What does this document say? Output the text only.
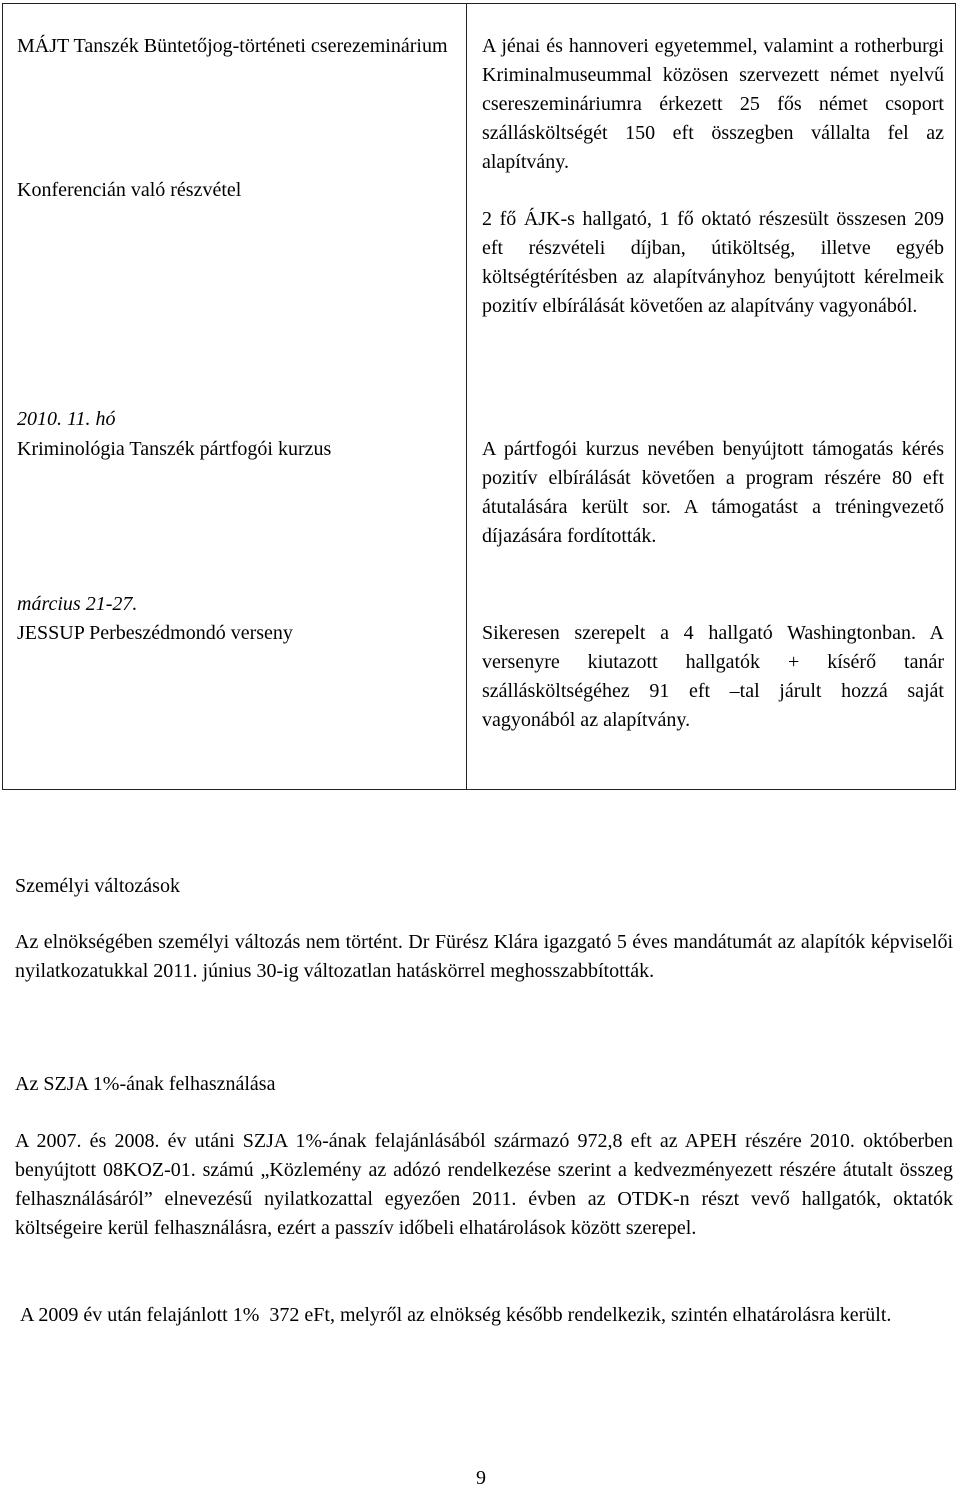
MÁJT Tanszék Büntetőjog-történeti cserezeminárium

Konferencián való részvétel

A jénai és hannoveri egyetemmel, valamint a rotherburgi Kriminalmuseummal közösen szervezett német nyelvű csereszemináriumra érkezett 25 fős német csoport szállásköltségét 150 eft összegben vállalta fel az alapítvány.

2 fő ÁJK-s hallgató, 1 fő oktató részesült összesen 209 eft részvételi díjban, útiköltség, illetve egyéb költségtérítésben az alapítványhoz benyújtott kérelmeik pozitív elbírálását követően az alapítvány vagyonából.

2010. 11. hó

Kriminológia Tanszék pártfogói kurzus	A pártfogói kurzus nevében benyújtott támogatás kérés pozitív elbírálását követően a program részére 80 eft átutalására került sor. A támogatást a tréningvezető díjazására fordították.

március 21-27.

JESSUP Perbeszédmondó verseny	Sikeresen szerepelt a 4 hallgató Washingtonban. A versenyre kiutazott hallgatók + kísérő tanár szállásköltségéhez 91 eft –tal járult hozzá saját vagyonából az alapítvány.

Személyi változások

Az elnökségében személyi változás nem történt. Dr Fürész Klára igazgató 5 éves mandátumát az alapítók képviselői nyilatkozatukkal 2011. június 30-ig változatlan hatáskörrel meghosszabbították.

Az SZJA 1%-ának felhasználása

A 2007. és 2008. év utáni SZJA 1%-ának felajánlásából származó 972,8 eft az APEH részére 2010. októberben benyújtott 08KOZ-01. számú „Közlemény az adózó rendelkezése szerint a kedvezményezett részére átutalt összeg felhasználásáról” elnevezésű nyilatkozattal egyezően 2011. évben az OTDK-n részt vevő hallgatók, oktatók költségeire kerül felhasználásra, ezért a passzív időbeli elhatárolások között szerepel.

A 2009 év után felajánlott 1%  372 eFt, melyről az elnökség később rendelkezik, szintén elhatárolásra került.

9
